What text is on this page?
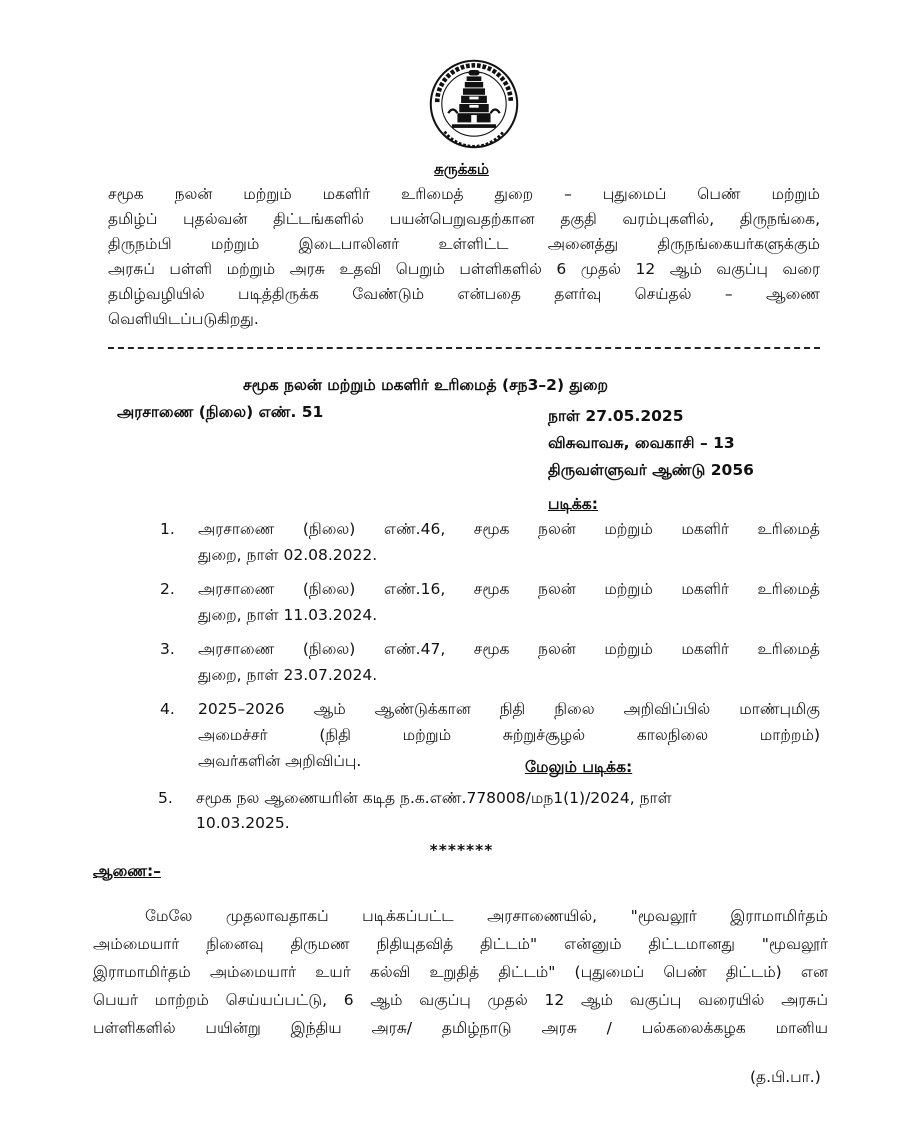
சுருக்கம்
சமூக நலன் மற்றும் மகளிர் உரிமைத் துறை – புதுமைப் பெண் மற்றும்
தமிழ்ப் புதல்வன் திட்டங்களில் பயன்பெறுவதற்கான தகுதி வரம்புகளில், திருநங்கை,
திருநம்பி மற்றும் இடைபாலினர் உள்ளிட்ட அனைத்து திருநங்கையர்களுக்கும்
அரசுப் பள்ளி மற்றும் அரசு உதவி பெறும் பள்ளிகளில் 6 முதல் 12 ஆம் வகுப்பு வரை
தமிழ்வழியில் படித்திருக்க வேண்டும் என்பதை தளர்வு செய்தல் – ஆணை
வெளியிடப்படுகிறது.
சமூக நலன் மற்றும் மகளிர் உரிமைத் (சந3–2) துறை
அரசாணை (நிலை) எண். 51	நாள் 27.05.2025
விசுவாவசு, வைகாசி – 13
திருவள்ளுவர் ஆண்டு 2056
படிக்க:
1. அரசாணை (நிலை) எண்.46, சமூக நலன் மற்றும் மகளிர் உரிமைத்
துறை, நாள் 02.08.2022.
2. அரசாணை (நிலை) எண்.16, சமூக நலன் மற்றும் மகளிர் உரிமைத்
துறை, நாள் 11.03.2024.
3. அரசாணை (நிலை) எண்.47, சமூக நலன் மற்றும் மகளிர் உரிமைத்
துறை, நாள் 23.07.2024.
4. 2025–2026 ஆம் ஆண்டுக்கான நிதி நிலை அறிவிப்பில் மாண்புமிகு
அமைச்சர் (நிதி மற்றும் சுற்றுச்சூழல் காலநிலை மாற்றம்)
அவர்களின் அறிவிப்பு.	மேலும் படிக்க:
5. சமூக நல ஆணையரின் கடித ந.க.எண்.778008/மந1(1)/2024, நாள்
10.03.2025.
*******
ஆணை:–
மேலே முதலாவதாகப் படிக்கப்பட்ட அரசாணையில், "மூவலூர் இராமாமிர்தம்
அம்மையார் நினைவு திருமண நிதியுதவித் திட்டம்" என்னும் திட்டமானது "மூவலூர்
இராமாமிர்தம் அம்மையார் உயர் கல்வி உறுதித் திட்டம்" (புதுமைப் பெண் திட்டம்) என
பெயர் மாற்றம் செய்யப்பட்டு, 6 ஆம் வகுப்பு முதல் 12 ஆம் வகுப்பு வரையில் அரசுப்
பள்ளிகளில் பயின்று இந்திய அரசு/ தமிழ்நாடு அரசு / பல்கலைக்கழக மானிய
(த.பி.பா.)
